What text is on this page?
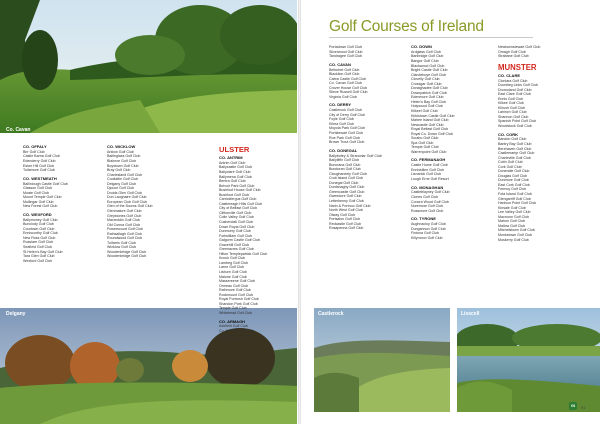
Co. Cavan
Delgany	Castlerock	Lisscell
Golf Courses of Ireland
CO. OFFALY
Birr Golf Club
Castle Barna Golf Club
Edenderry Golf Club
Esker Hill Golf Club
Tullamore Golf Club
CO. WESTMEATH
Ballinlough Castle Golf Club
Glasson Golf Club
Moate Golf Club
Mount Temple Golf Club
Mullingar Golf Club
New Forest Golf Club
CO. WEXFORD
Ballymoney Golf Club
Bunclody Golf Club
Courtown Golf Club
Enniscorthy Golf Club
New Ross Golf Club
Rosslare Golf Club
Seafield Golf Club
St Helen's Bay Golf Club
Tara Glen Golf Club
Wexford Golf Club
CO. WICKLOW
Arklow Golf Club
Baltinglass Golf Club
Blainroe Golf Club
Boystown Golf Club
Bray Golf Club
Charlesland Golf Club
Coollattin Golf Club
Delgany Golf Club
Djouce Golf Club
Druids Glen Golf Club
Dun Laoghaire Golf Club
European Club Golf Club
Glen of the Downs Golf Club
Glenmalure Golf Club
Greystones Golf Club
Macreddin Golf Club
Old Conna Golf Club
Powerscourt Golf Club
Rathsallagh Golf Club
Roundwood Golf Club
Tulfarris Golf Club
Wicklow Golf Club
Woodenbridge Golf Club
Woodenbridge Golf Club
ULSTER
CO. ANTRIM
Antrim Golf Club
Ballycastle Golf Club
Ballyclare Golf Club
Ballymena Golf Club
Bentra Golf Club
Belvoir Park Golf Club
Bushfoot House Golf Club
Bushfoot Golf Club
Carrickfergus Golf Club
Castlereagh Hills Golf Club
City of Belfast Golf Club
Cliftonville Golf Club
Colin Valley Golf Club
Cushendall Golf Club
Down Royal Golf Club
Dunmurry Golf Club
Fortwilliam Golf Club
Galgorm Castle Golf Club
Gracehill Golf Club
Greenacres Golf Club
Hilton Templepatrick Golf Club
Knock Golf Club
Lambeg Golf Club
Larne Golf Club
Lisburn Golf Club
Malone Golf Club
Massereene Golf Club
Ormeau Golf Club
Rathmore Golf Club
Rockmount Golf Club
Royal Portrush Golf Club
Shandon Park Golf Club
Temple Golf Club
Whitehead Golf Club
CO. ARMAGH
Ashfield Golf Club
Co. Armagh Golf Club
Loughgall Golf Club
Lurgan Golf Club
Portadown Golf Club
Silverwood Golf Club
Tandragee Golf Club
CO. CAVAN
Belturbet Golf Club
Blacklion Golf Club
Cabra Castle Golf Club
Co. Cavan Golf Club
Crover House Golf Club
Slieve Russell Golf Club
Virginia Golf Club
CO. DERRY
Castlerock Golf Club
City of Derry Golf Club
Foyle Golf Club
Kilrea Golf Club
Moyola Park Golf Club
Portstewart Golf Club
Roe Park Golf Club
Brown Trout Golf Club
CO. DONEGAL
Ballybofey & Stranorlar Golf Club
Ballyliffin Golf Club
Buncrana Golf Club
Bundoran Golf Club
Cloughaneely Golf Club
Cruit Island Golf Club
Donegal Golf Club
Dunfanaghy Golf Club
Greencastle Golf Club
Gweedore Golf Club
Letterkenny Golf Club
Narin & Portnoo Golf Club
North West Golf Club
Otway Golf Club
Portsalon Golf Club
Redcastle Golf Club
Rosapenna Golf Club
CO. DOWN
Ardglass Golf Club
Banbridge Golf Club
Bangor Golf Club
Blackwood Golf Club
Bright Castle Golf Club
Clandeboye Golf Club
Clovelly Golf Club
Crossgar Golf Club
Donaghadee Golf Club
Downpatrick Golf Club
Edenmore Golf Club
Helen's Bay Golf Club
Holywood Golf Club
Kilkeel Golf Club
Kirkistown Castle Golf Club
Mahee Island Golf Club
Newcastle Golf Club
Royal Belfast Golf Club
Royal Co. Down Golf Club
Scrabo Golf Club
Spa Golf Club
Temple Golf Club
Warrenpoint Golf Club
CO. FERMANAGH
Castle Hume Golf Club
Enniskillen Golf Club
Lisnarick Golf Club
Lough Erne Golf Resort
CO. MONAGHAN
Castleblayney Golf Club
Clones Golf Club
Concra Wood Golf Club
Nuremore Golf Club
Rossmore Golf Club
CO. TYRONE
Aughnacloy Golf Club
Dungannon Golf Club
Fintona Golf Club
Killymoon Golf Club
Newtownstewart Golf Club
Omagh Golf Club
Strabane Golf Club
MUNSTER
CO. CLARE
Clonlara Golf Club
Doonbeg Links Golf Club
Dromoland Golf Club
East Clare Golf Club
Ennis Golf Club
Kilkee Golf Club
Kilrush Golf Club
Lahinch Golf Club
Shannon Golf Club
Spanish Point Golf Club
Woodstock Golf Club
CO. CORK
Bandon Golf Club
Bantry Bay Golf Club
Berehaven Golf Club
Castlemartyr Golf Club
Charleville Golf Club
Cobh Golf Club
Cork Golf Club
Doneraile Golf Club
Douglas Golf Club
Dunmore Golf Club
East Cork Golf Club
Fermoy Golf Club
Fota Island Golf Club
Glengarriff Golf Club
Harbour Point Golf Club
Kinsale Golf Club
Lee Valley Golf Club
Macroom Golf Club
Mahon Golf Club
Mallow Golf Club
Mitchelstown Golf Club
Monkstown Golf Club
Muskerry Golf Club
GI	91
